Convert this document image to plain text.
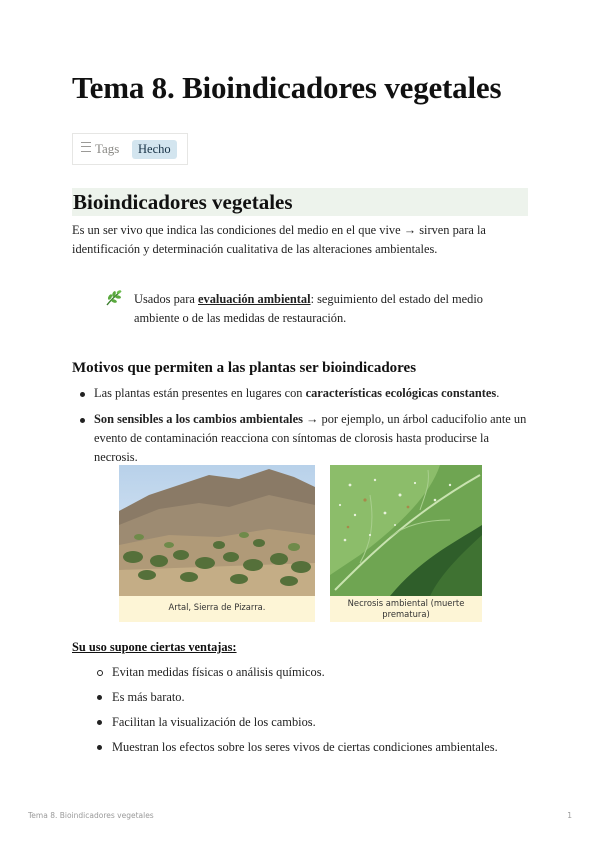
Tema 8. Bioindicadores vegetales
Tags	Hecho
Bioindicadores vegetales

Es un ser vivo que indica las condiciones del medio en el que vive → sirven para la identificación y determinación cualitativa de las alteraciones ambientales.

Usados para evaluación ambiental: seguimiento del estado del medio ambiente o de las medidas de restauración.

Motivos que permiten a las plantas ser bioindicadores
Las plantas están presentes en lugares con características ecológicas constantes.
Son sensibles a los cambios ambientales → por ejemplo, un árbol caducifolio ante un evento de contaminación reacciona con síntomas de clorosis hasta producirse la necrosis.
Artal, Sierra de Pizarra.	Necrosis ambiental (muerte prematura)
Su uso supone ciertas ventajas:
Evitan medidas físicas o análisis químicos.
Es más barato.
Facilitan la visualización de los cambios.
Muestran los efectos sobre los seres vivos de ciertas condiciones ambientales.
Tema 8. Bioindicadores vegetales	1
